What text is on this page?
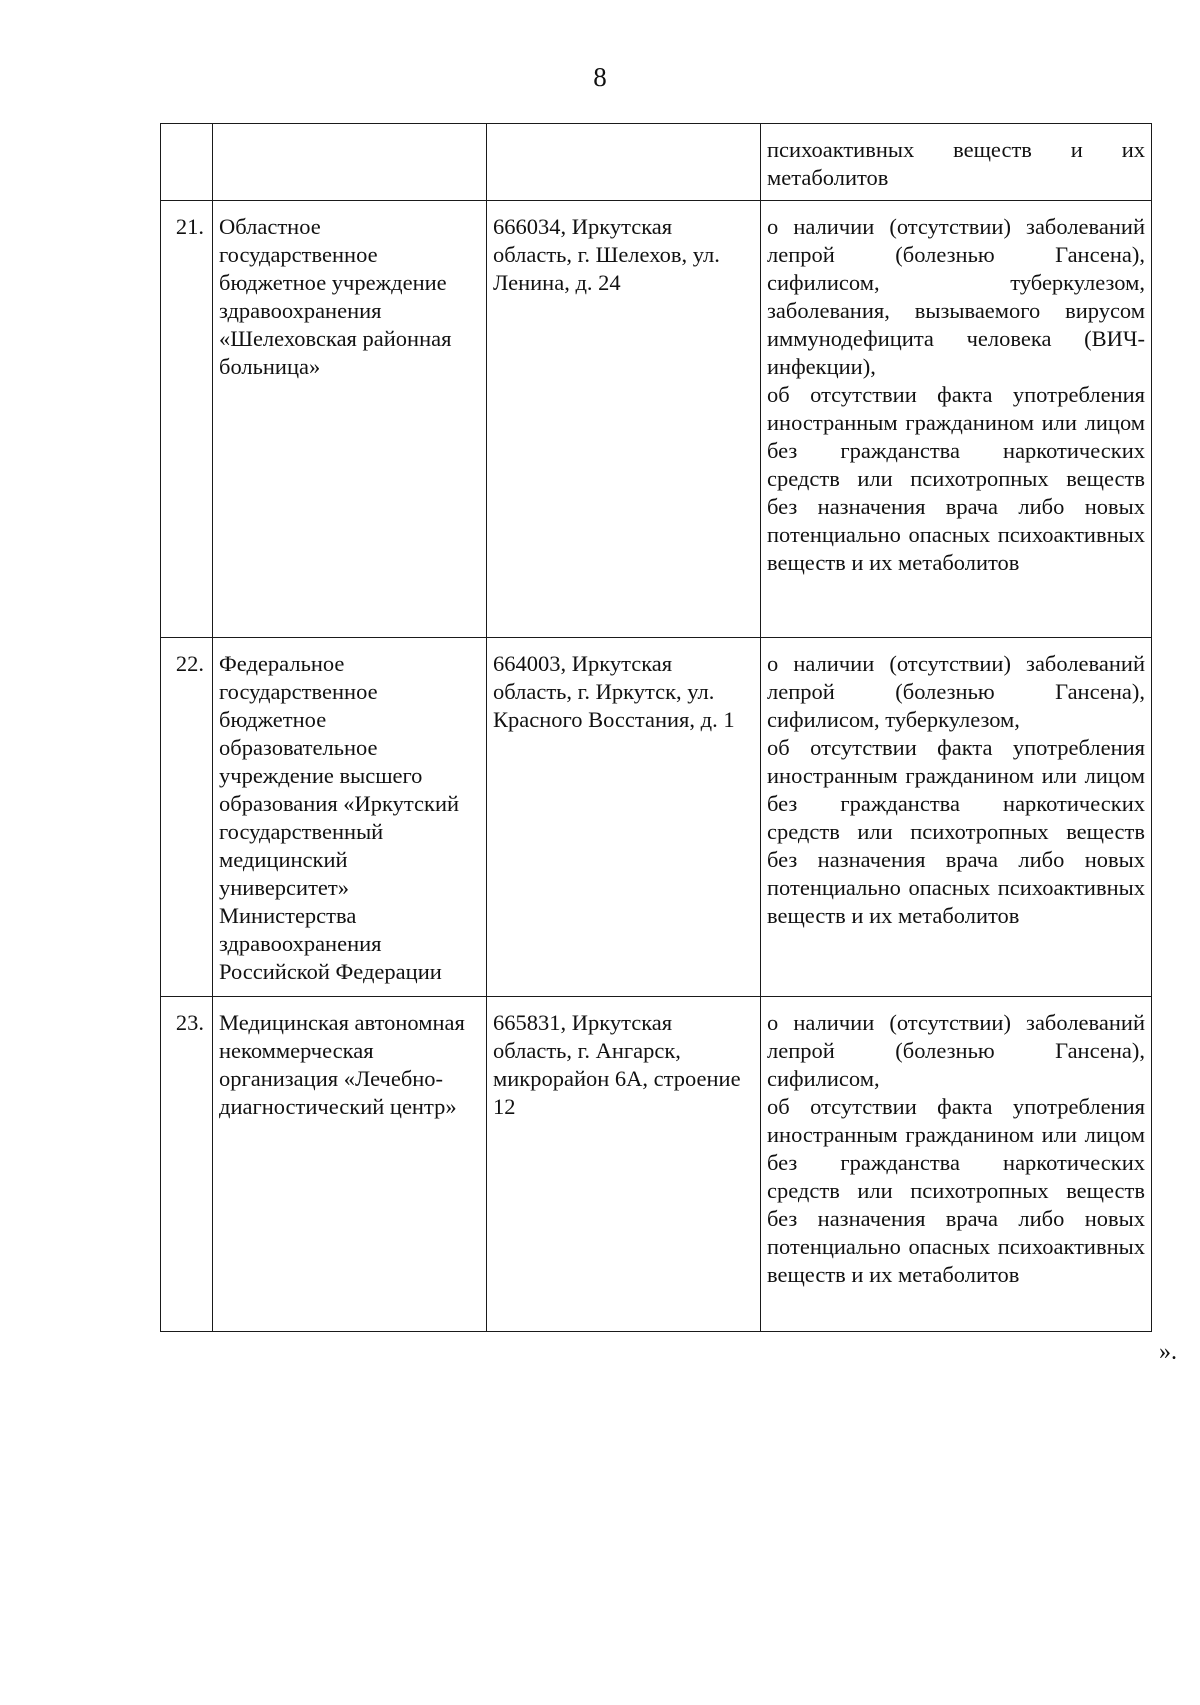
8

			психоактивных веществ и их метаболитов

21.	Областное государственное бюджетное учреждение здравоохранения «Шелеховская районная больница»	666034, Иркутская область, г. Шелехов, ул. Ленина, д. 24	о наличии (отсутствии) заболеваний лепрой (болезнью Гансена), сифилисом, туберкулезом, заболевания, вызываемого вирусом иммунодефицита человека (ВИЧ-инфекции),
об отсутствии факта употребления иностранным гражданином или лицом без гражданства наркотических средств или психотропных веществ без назначения врача либо новых потенциально опасных психоактивных веществ и их метаболитов

22.	Федеральное государственное бюджетное образовательное учреждение высшего образования «Иркутский государственный медицинский университет» Министерства здравоохранения Российской Федерации	664003, Иркутская область, г. Иркутск, ул. Красного Восстания, д. 1	о наличии (отсутствии) заболеваний лепрой (болезнью Гансена), сифилисом, туберкулезом,
об отсутствии факта употребления иностранным гражданином или лицом без гражданства наркотических средств или психотропных веществ без назначения врача либо новых потенциально опасных психоактивных веществ и их метаболитов

23.	Медицинская автономная некоммерческая организация «Лечебно-диагностический центр»	665831, Иркутская область, г. Ангарск, микрорайон 6А, строение 12	о наличии (отсутствии) заболеваний лепрой (болезнью Гансена), сифилисом,
об отсутствии факта употребления иностранным гражданином или лицом без гражданства наркотических средств или психотропных веществ без назначения врача либо новых потенциально опасных психоактивных веществ и их метаболитов
».
